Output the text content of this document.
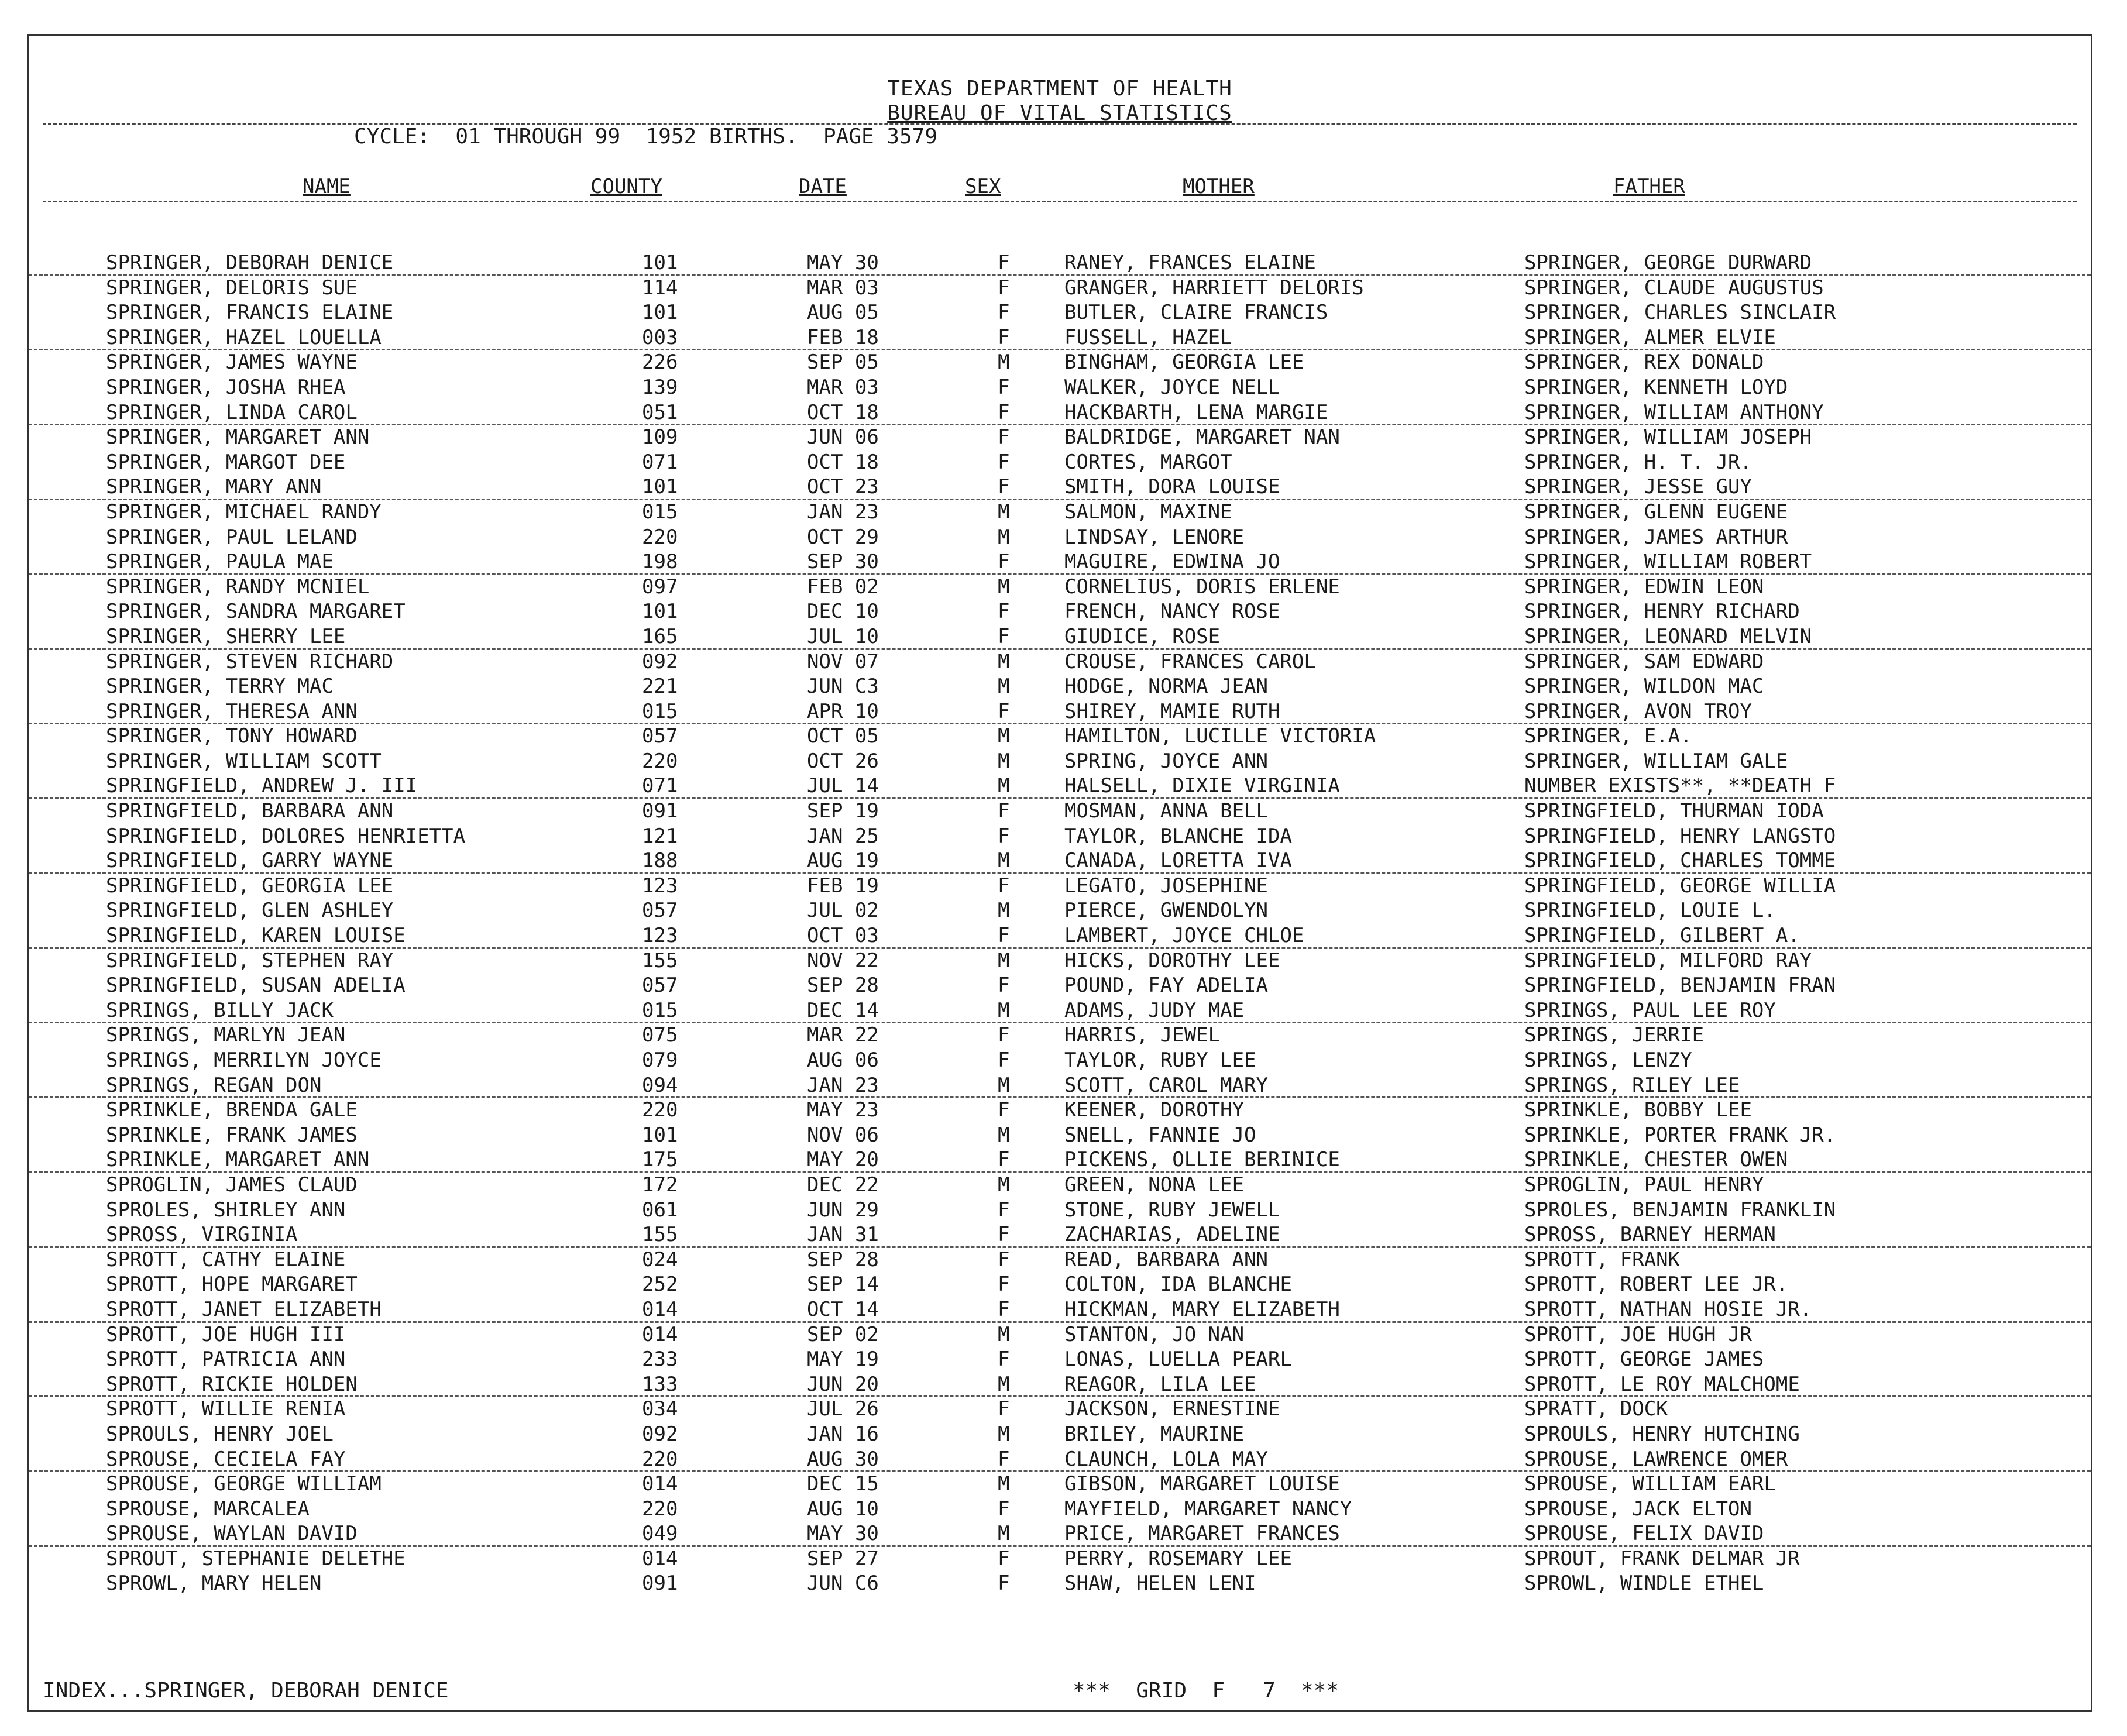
TEXAS DEPARTMENT OF HEALTH
BUREAU OF VITAL STATISTICS
CYCLE:  01 THROUGH 99  1952 BIRTHS.  PAGE 3579
NAME	COUNTY	DATE	SEX	MOTHER	FATHER
SPRINGER, DEBORAH DENICE	101	MAY 30	F	RANEY, FRANCES ELAINE	SPRINGER, GEORGE DURWARD
SPRINGER, DELORIS SUE	114	MAR 03	F	GRANGER, HARRIETT DELORIS	SPRINGER, CLAUDE AUGUSTUS
SPRINGER, FRANCIS ELAINE	101	AUG 05	F	BUTLER, CLAIRE FRANCIS	SPRINGER, CHARLES SINCLAIR
SPRINGER, HAZEL LOUELLA	003	FEB 18	F	FUSSELL, HAZEL	SPRINGER, ALMER ELVIE
SPRINGER, JAMES WAYNE	226	SEP 05	M	BINGHAM, GEORGIA LEE	SPRINGER, REX DONALD
SPRINGER, JOSHA RHEA	139	MAR 03	F	WALKER, JOYCE NELL	SPRINGER, KENNETH LOYD
SPRINGER, LINDA CAROL	051	OCT 18	F	HACKBARTH, LENA MARGIE	SPRINGER, WILLIAM ANTHONY
SPRINGER, MARGARET ANN	109	JUN 06	F	BALDRIDGE, MARGARET NAN	SPRINGER, WILLIAM JOSEPH
SPRINGER, MARGOT DEE	071	OCT 18	F	CORTES, MARGOT	SPRINGER, H. T. JR.
SPRINGER, MARY ANN	101	OCT 23	F	SMITH, DORA LOUISE	SPRINGER, JESSE GUY
SPRINGER, MICHAEL RANDY	015	JAN 23	M	SALMON, MAXINE	SPRINGER, GLENN EUGENE
SPRINGER, PAUL LELAND	220	OCT 29	M	LINDSAY, LENORE	SPRINGER, JAMES ARTHUR
SPRINGER, PAULA MAE	198	SEP 30	F	MAGUIRE, EDWINA JO	SPRINGER, WILLIAM ROBERT
SPRINGER, RANDY MCNIEL	097	FEB 02	M	CORNELIUS, DORIS ERLENE	SPRINGER, EDWIN LEON
SPRINGER, SANDRA MARGARET	101	DEC 10	F	FRENCH, NANCY ROSE	SPRINGER, HENRY RICHARD
SPRINGER, SHERRY LEE	165	JUL 10	F	GIUDICE, ROSE	SPRINGER, LEONARD MELVIN
SPRINGER, STEVEN RICHARD	092	NOV 07	M	CROUSE, FRANCES CAROL	SPRINGER, SAM EDWARD
SPRINGER, TERRY MAC	221	JUN C3	M	HODGE, NORMA JEAN	SPRINGER, WILDON MAC
SPRINGER, THERESA ANN	015	APR 10	F	SHIREY, MAMIE RUTH	SPRINGER, AVON TROY
SPRINGER, TONY HOWARD	057	OCT 05	M	HAMILTON, LUCILLE VICTORIA	SPRINGER, E.A.
SPRINGER, WILLIAM SCOTT	220	OCT 26	M	SPRING, JOYCE ANN	SPRINGER, WILLIAM GALE
SPRINGFIELD, ANDREW J. III	071	JUL 14	M	HALSELL, DIXIE VIRGINIA	NUMBER EXISTS**, **DEATH F
SPRINGFIELD, BARBARA ANN	091	SEP 19	F	MOSMAN, ANNA BELL	SPRINGFIELD, THURMAN IODA
SPRINGFIELD, DOLORES HENRIETTA	121	JAN 25	F	TAYLOR, BLANCHE IDA	SPRINGFIELD, HENRY LANGSTO
SPRINGFIELD, GARRY WAYNE	188	AUG 19	M	CANADA, LORETTA IVA	SPRINGFIELD, CHARLES TOMME
SPRINGFIELD, GEORGIA LEE	123	FEB 19	F	LEGATO, JOSEPHINE	SPRINGFIELD, GEORGE WILLIA
SPRINGFIELD, GLEN ASHLEY	057	JUL 02	M	PIERCE, GWENDOLYN	SPRINGFIELD, LOUIE L.
SPRINGFIELD, KAREN LOUISE	123	OCT 03	F	LAMBERT, JOYCE CHLOE	SPRINGFIELD, GILBERT A.
SPRINGFIELD, STEPHEN RAY	155	NOV 22	M	HICKS, DOROTHY LEE	SPRINGFIELD, MILFORD RAY
SPRINGFIELD, SUSAN ADELIA	057	SEP 28	F	POUND, FAY ADELIA	SPRINGFIELD, BENJAMIN FRAN
SPRINGS, BILLY JACK	015	DEC 14	M	ADAMS, JUDY MAE	SPRINGS, PAUL LEE ROY
SPRINGS, MARLYN JEAN	075	MAR 22	F	HARRIS, JEWEL	SPRINGS, JERRIE
SPRINGS, MERRILYN JOYCE	079	AUG 06	F	TAYLOR, RUBY LEE	SPRINGS, LENZY
SPRINGS, REGAN DON	094	JAN 23	M	SCOTT, CAROL MARY	SPRINGS, RILEY LEE
SPRINKLE, BRENDA GALE	220	MAY 23	F	KEENER, DOROTHY	SPRINKLE, BOBBY LEE
SPRINKLE, FRANK JAMES	101	NOV 06	M	SNELL, FANNIE JO	SPRINKLE, PORTER FRANK JR.
SPRINKLE, MARGARET ANN	175	MAY 20	F	PICKENS, OLLIE BERINICE	SPRINKLE, CHESTER OWEN
SPROGLIN, JAMES CLAUD	172	DEC 22	M	GREEN, NONA LEE	SPROGLIN, PAUL HENRY
SPROLES, SHIRLEY ANN	061	JUN 29	F	STONE, RUBY JEWELL	SPROLES, BENJAMIN FRANKLIN
SPROSS, VIRGINIA	155	JAN 31	F	ZACHARIAS, ADELINE	SPROSS, BARNEY HERMAN
SPROTT, CATHY ELAINE	024	SEP 28	F	READ, BARBARA ANN	SPROTT, FRANK
SPROTT, HOPE MARGARET	252	SEP 14	F	COLTON, IDA BLANCHE	SPROTT, ROBERT LEE JR.
SPROTT, JANET ELIZABETH	014	OCT 14	F	HICKMAN, MARY ELIZABETH	SPROTT, NATHAN HOSIE JR.
SPROTT, JOE HUGH III	014	SEP 02	M	STANTON, JO NAN	SPROTT, JOE HUGH JR
SPROTT, PATRICIA ANN	233	MAY 19	F	LONAS, LUELLA PEARL	SPROTT, GEORGE JAMES
SPROTT, RICKIE HOLDEN	133	JUN 20	M	REAGOR, LILA LEE	SPROTT, LE ROY MALCHOME
SPROTT, WILLIE RENIA	034	JUL 26	F	JACKSON, ERNESTINE	SPRATT, DOCK
SPROULS, HENRY JOEL	092	JAN 16	M	BRILEY, MAURINE	SPROULS, HENRY HUTCHING
SPROUSE, CECIELA FAY	220	AUG 30	F	CLAUNCH, LOLA MAY	SPROUSE, LAWRENCE OMER
SPROUSE, GEORGE WILLIAM	014	DEC 15	M	GIBSON, MARGARET LOUISE	SPROUSE, WILLIAM EARL
SPROUSE, MARCALEA	220	AUG 10	F	MAYFIELD, MARGARET NANCY	SPROUSE, JACK ELTON
SPROUSE, WAYLAN DAVID	049	MAY 30	M	PRICE, MARGARET FRANCES	SPROUSE, FELIX DAVID
SPROUT, STEPHANIE DELETHE	014	SEP 27	F	PERRY, ROSEMARY LEE	SPROUT, FRANK DELMAR JR
SPROWL, MARY HELEN	091	JUN C6	F	SHAW, HELEN LENI	SPROWL, WINDLE ETHEL
INDEX...SPRINGER, DEBORAH DENICE	***  GRID  F   7  ***
